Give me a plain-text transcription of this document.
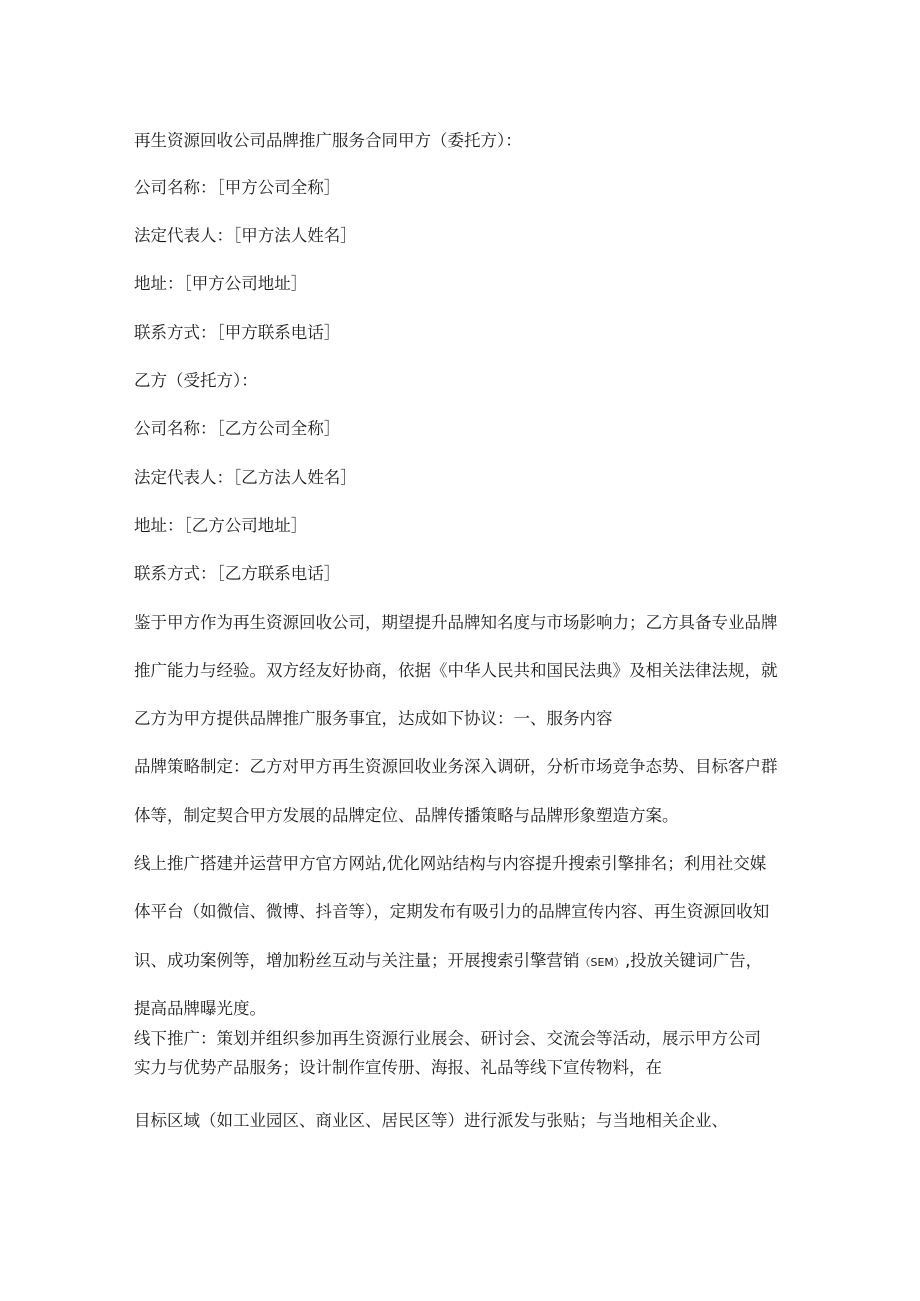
再生资源回收公司品牌推广服务合同甲方（委托方）：
公司名称：［甲方公司全称］
法定代表人：［甲方法人姓名］
地址：［甲方公司地址］
联系方式：［甲方联系电话］
乙方（受托方）：
公司名称：［乙方公司全称］
法定代表人：［乙方法人姓名］
地址：［乙方公司地址］
联系方式：［乙方联系电话］
鉴于甲方作为再生资源回收公司，期望提升品牌知名度与市场影响力；乙方具备专业品牌
推广能力与经验。双方经友好协商，依据《中华人民共和国民法典》及相关法律法规，就
乙方为甲方提供品牌推广服务事宜，达成如下协议：一、服务内容
品牌策略制定：乙方对甲方再生资源回收业务深入调研，分析市场竞争态势、目标客户群
体等，制定契合甲方发展的品牌定位、品牌传播策略与品牌形象塑造方案。
线上推广搭建并运营甲方官方网站,优化网站结构与内容提升搜索引擎排名；利用社交媒
体平台（如微信、微博、抖音等），定期发布有吸引力的品牌宣传内容、再生资源回收知
识、成功案例等，增加粉丝互动与关注量；开展搜索引擎营销（SEM）,投放关键词广告，
提高品牌曝光度。
线下推广：策划并组织参加再生资源行业展会、研讨会、交流会等活动，展示甲方公司
实力与优势产品服务；设计制作宣传册、海报、礼品等线下宣传物料，在
目标区域（如工业园区、商业区、居民区等）进行派发与张贴；与当地相关企业、
